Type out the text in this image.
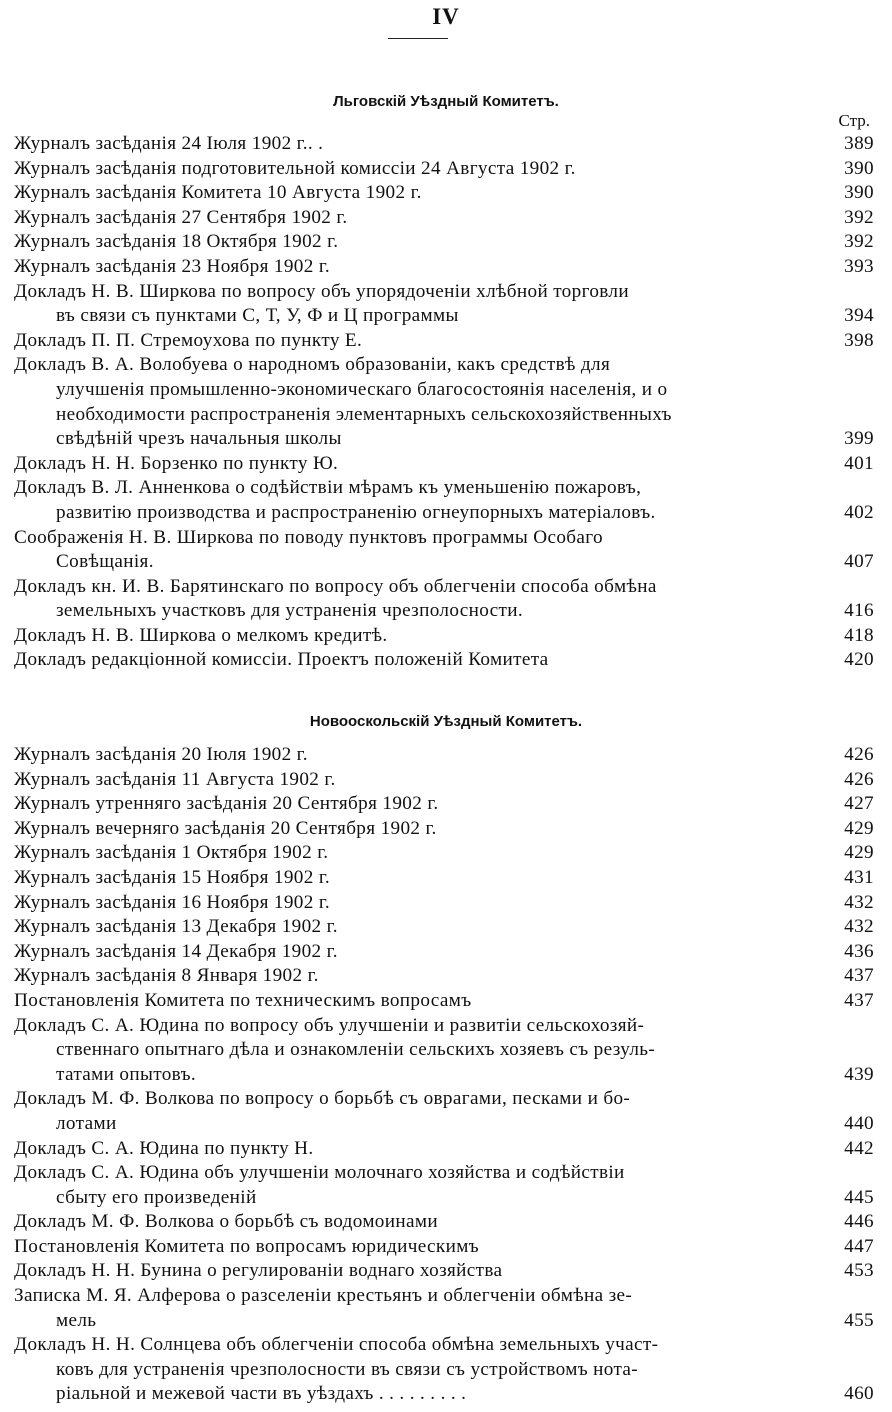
IV
Льговскій Уѣздный Комитетъ.
Стр.
Журналъ засѣданія 24 Іюля 1902 г.. .	389
Журналъ засѣданія подготовительной комиссіи 24 Августа 1902 г.	390
Журналъ засѣданія Комитета 10 Августа 1902 г.	390
Журналъ засѣданія 27 Сентября 1902 г.	392
Журналъ засѣданія 18 Октября 1902 г.	392
Журналъ засѣданія 23 Ноября 1902 г.	393
Докладъ Н. В. Ширкова по вопросу объ упорядоченіи хлѣбной торговли
въ связи съ пунктами С, Т, У, Ф и Ц программы	394
Докладъ П. П. Стремоухова по пункту Е.	398
Докладъ В. А. Волобуева о народномъ образованіи, какъ средствѣ для
улучшенія промышленно-экономическаго благосостоянія населенія, и о
необходимости распространенія элементарныхъ сельскохозяйственныхъ
свѣдѣній чрезъ начальныя школы	399
Докладъ Н. Н. Борзенко по пункту Ю.	401
Докладъ В. Л. Анненкова о содѣйствіи мѣрамъ къ уменьшенію пожаровъ,
развитію производства и распространенію огнеупорныхъ матеріаловъ.	402
Соображенія Н. В. Ширкова по поводу пунктовъ программы Особаго
Совѣщанія.	407
Докладъ кн. И. В. Барятинскаго по вопросу объ облегченіи способа обмѣна
земельныхъ участковъ для устраненія чрезполосности.	416
Докладъ Н. В. Ширкова о мелкомъ кредитѣ.	418
Докладъ редакціонной комиссіи. Проектъ положеній Комитета	420
Новооскольскій Уѣздный Комитетъ.
Журналъ засѣданія 20 Іюля 1902 г.	426
Журналъ засѣданія 11 Августа 1902 г.	426
Журналъ утренняго засѣданія 20 Сентября 1902 г.	427
Журналъ вечерняго засѣданія 20 Сентября 1902 г.	429
Журналъ засѣданія 1 Октября 1902 г.	429
Журналъ засѣданія 15 Ноября 1902 г.	431
Журналъ засѣданія 16 Ноября 1902 г.	432
Журналъ засѣданія 13 Декабря 1902 г.	432
Журналъ засѣданія 14 Декабря 1902 г.	436
Журналъ засѣданія 8 Января 1902 г.	437
Постановленія Комитета по техническимъ вопросамъ	437
Докладъ С. А. Юдина по вопросу объ улучшеніи и развитіи сельскохозяй-
ственнаго опытнаго дѣла и ознакомленіи сельскихъ хозяевъ съ резуль-
татами опытовъ.	439
Докладъ М. Ф. Волкова по вопросу о борьбѣ съ оврагами, песками и бо-
лотами	440
Докладъ С. А. Юдина по пункту Н.	442
Докладъ С. А. Юдина объ улучшеніи молочнаго хозяйства и содѣйствіи
сбыту его произведеній	445
Докладъ М. Ф. Волкова о борьбѣ съ водомоинами	446
Постановленія Комитета по вопросамъ юридическимъ	447
Докладъ Н. Н. Бунина о регулированіи воднаго хозяйства	453
Записка М. Я. Алферова о разселеніи крестьянъ и облегченіи обмѣна зе-
мель	455
Докладъ Н. Н. Солнцева объ облегченіи способа обмѣна земельныхъ участ-
ковъ для устраненія чрезполосности въ связи съ устройствомъ нота-
ріальной и межевой части въ уѣздахъ . . . . . . . . .	460
